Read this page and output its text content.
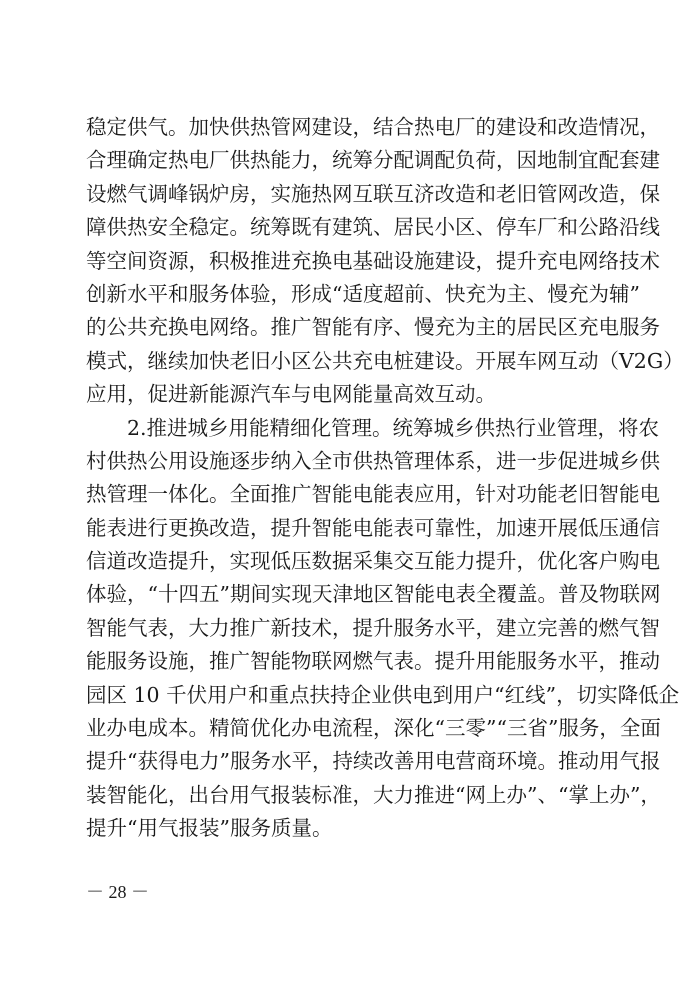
稳定供气。加快供热管网建设，结合热电厂的建设和改造情况，
合理确定热电厂供热能力，统筹分配调配负荷，因地制宜配套建
设燃气调峰锅炉房，实施热网互联互济改造和老旧管网改造，保
障供热安全稳定。统筹既有建筑、居民小区、停车厂和公路沿线
等空间资源，积极推进充换电基础设施建设，提升充电网络技术
创新水平和服务体验，形成“适度超前、快充为主、慢充为辅”
的公共充换电网络。推广智能有序、慢充为主的居民区充电服务
模式，继续加快老旧小区公共充电桩建设。开展车网互动（V2G）
应用，促进新能源汽车与电网能量高效互动。
　　2.推进城乡用能精细化管理。统筹城乡供热行业管理，将农
村供热公用设施逐步纳入全市供热管理体系，进一步促进城乡供
热管理一体化。全面推广智能电能表应用，针对功能老旧智能电
能表进行更换改造，提升智能电能表可靠性，加速开展低压通信
信道改造提升，实现低压数据采集交互能力提升，优化客户购电
体验，“十四五”期间实现天津地区智能电表全覆盖。普及物联网
智能气表，大力推广新技术，提升服务水平，建立完善的燃气智
能服务设施，推广智能物联网燃气表。提升用能服务水平，推动
园区 10 千伏用户和重点扶持企业供电到用户“红线”，切实降低企
业办电成本。精简优化办电流程，深化“三零”“三省”服务，全面
提升“获得电力”服务水平，持续改善用电营商环境。推动用气报
装智能化，出台用气报装标准，大力推进“网上办”、“掌上办”，
提升“用气报装”服务质量。
－ 28 －
